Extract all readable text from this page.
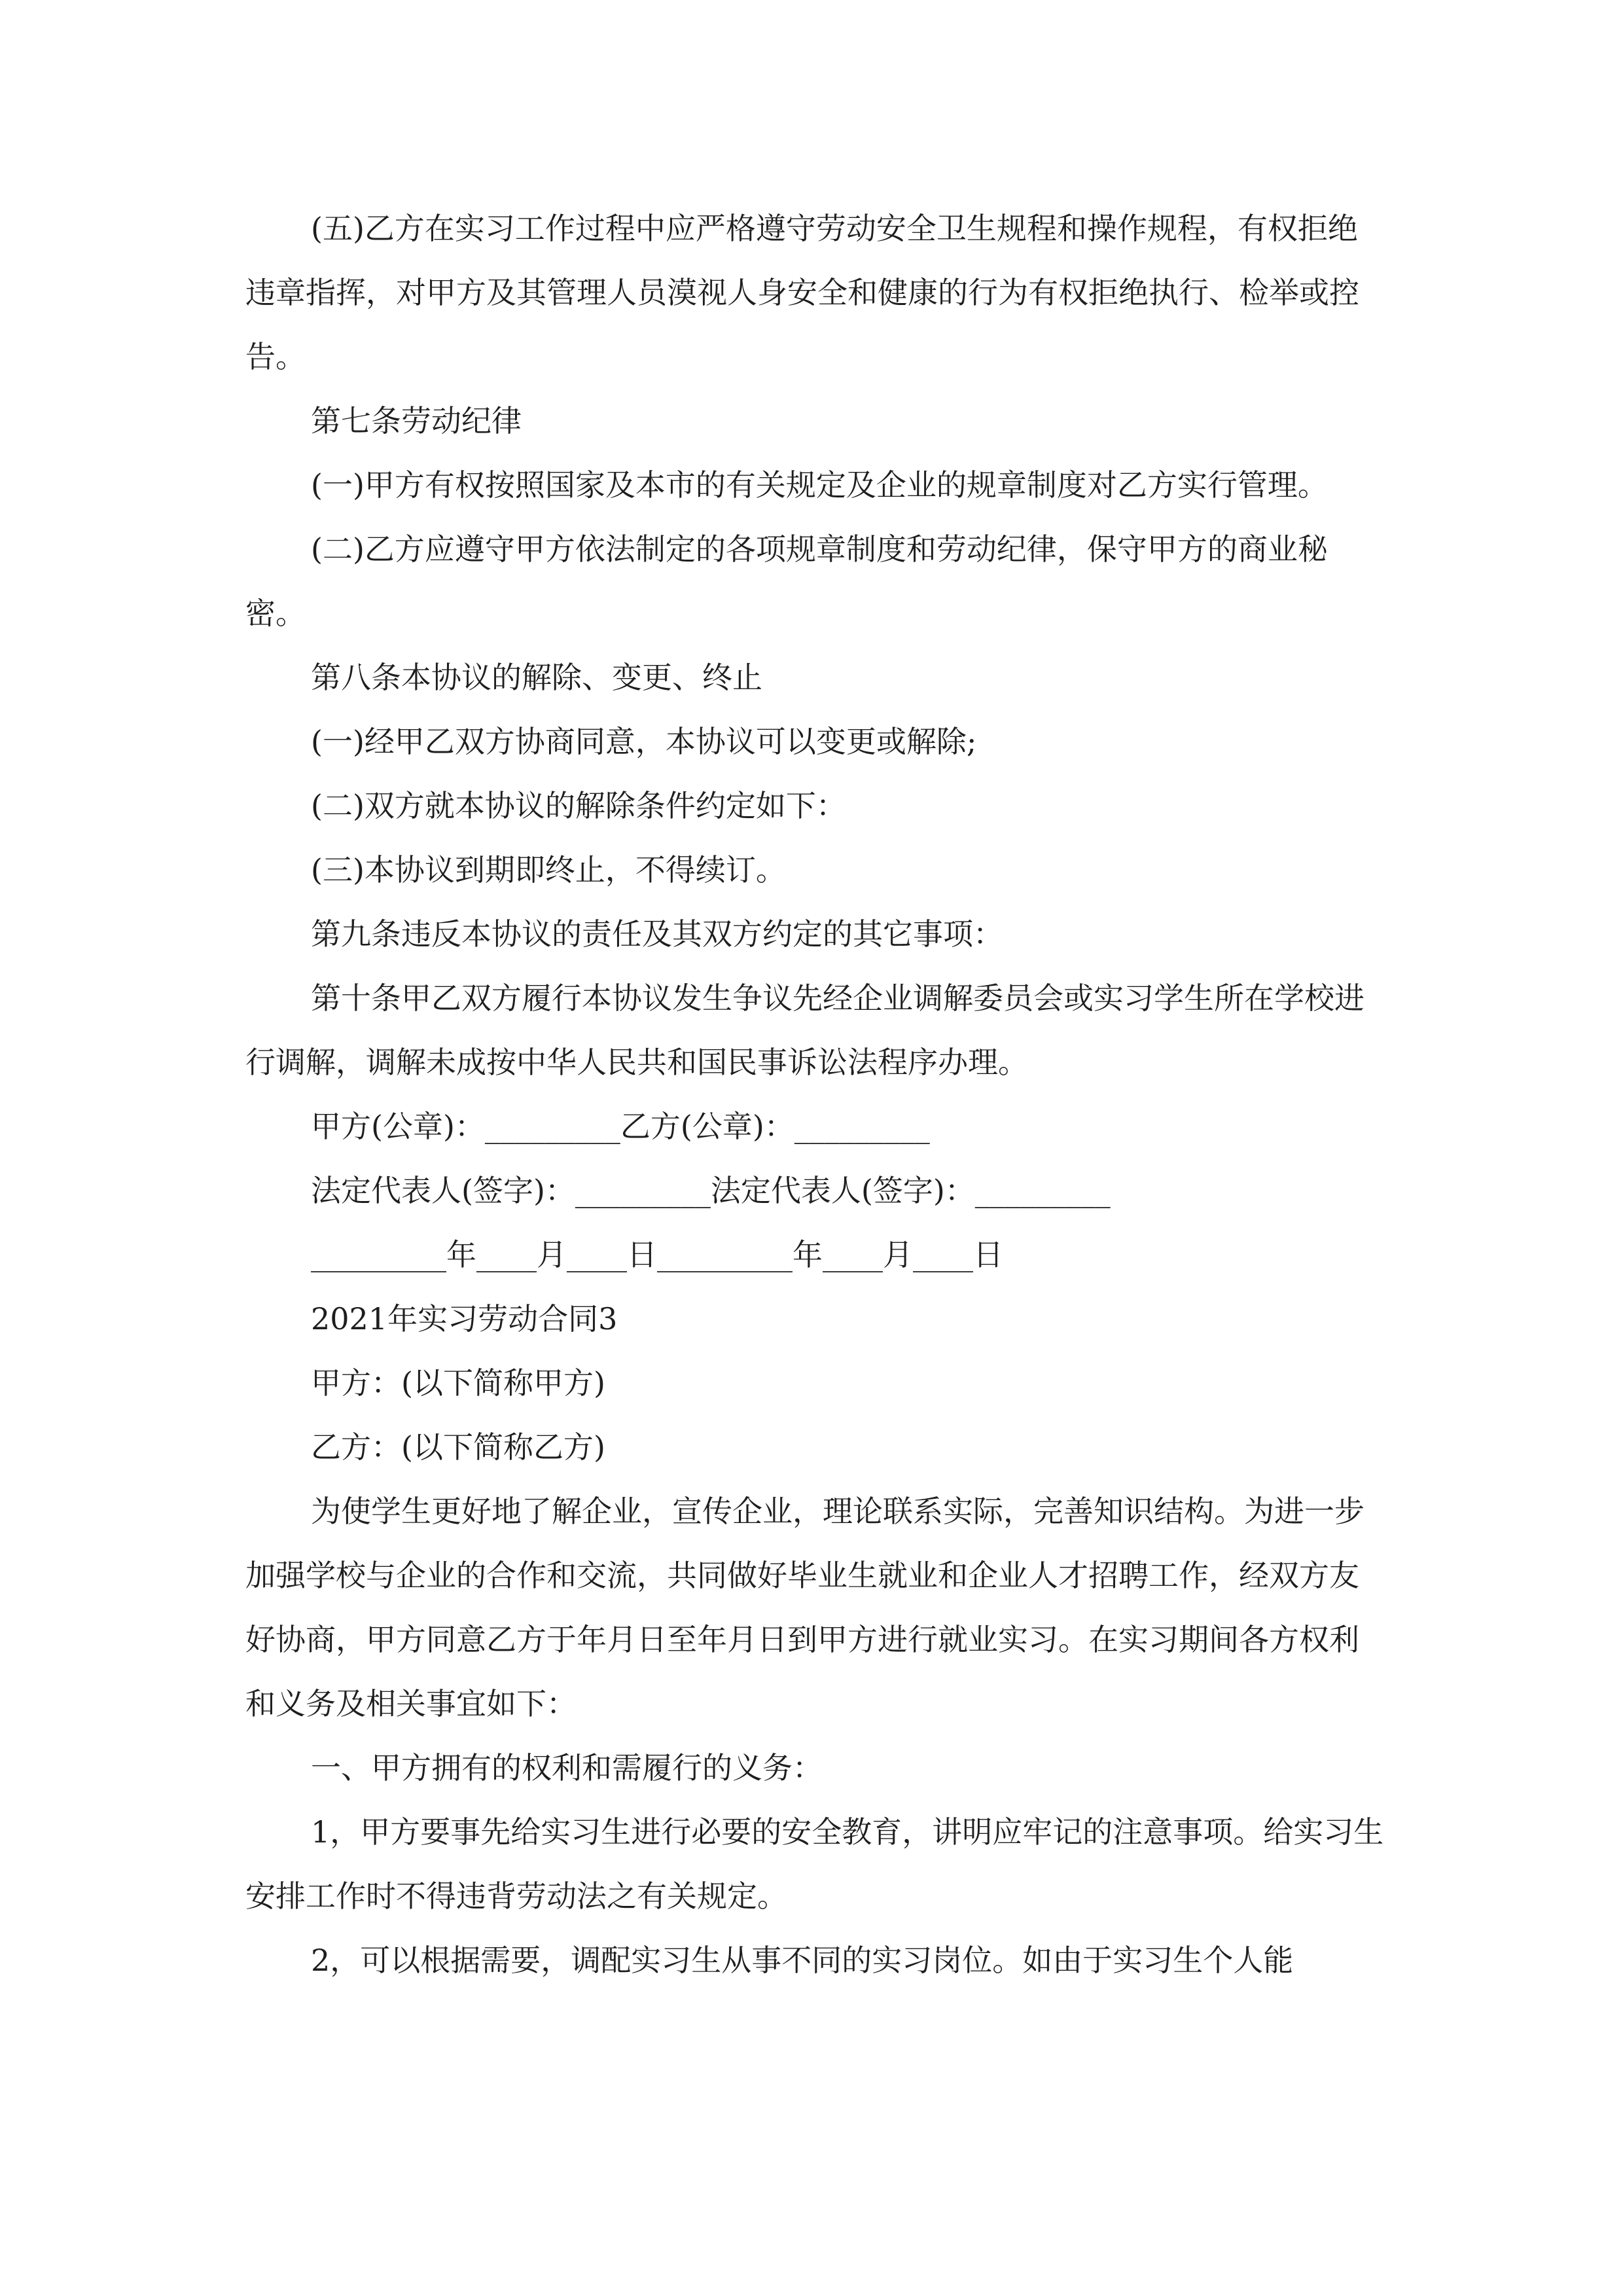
(五)乙方在实习工作过程中应严格遵守劳动安全卫生规程和操作规程，有权拒绝违章指挥，对甲方及其管理人员漠视人身安全和健康的行为有权拒绝执行、检举或控告。

第七条劳动纪律

(一)甲方有权按照国家及本市的有关规定及企业的规章制度对乙方实行管理。

(二)乙方应遵守甲方依法制定的各项规章制度和劳动纪律，保守甲方的商业秘密。

第八条本协议的解除、变更、终止

(一)经甲乙双方协商同意，本协议可以变更或解除;

(二)双方就本协议的解除条件约定如下：

(三)本协议到期即终止，不得续订。

第九条违反本协议的责任及其双方约定的其它事项：

第十条甲乙双方履行本协议发生争议先经企业调解委员会或实习学生所在学校进行调解，调解未成按中华人民共和国民事诉讼法程序办理。

甲方(公章)：_________乙方(公章)：_________

法定代表人(签字)：_________法定代表人(签字)：_________

_________年____月____日_________年____月____日

2021年实习劳动合同3

甲方：(以下简称甲方)

乙方：(以下简称乙方)

为使学生更好地了解企业，宣传企业，理论联系实际，完善知识结构。为进一步加强学校与企业的合作和交流，共同做好毕业生就业和企业人才招聘工作，经双方友好协商，甲方同意乙方于年月日至年月日到甲方进行就业实习。在实习期间各方权利和义务及相关事宜如下：

一、甲方拥有的权利和需履行的义务：

1，甲方要事先给实习生进行必要的安全教育，讲明应牢记的注意事项。给实习生安排工作时不得违背劳动法之有关规定。

2，可以根据需要，调配实习生从事不同的实习岗位。如由于实习生个人能
